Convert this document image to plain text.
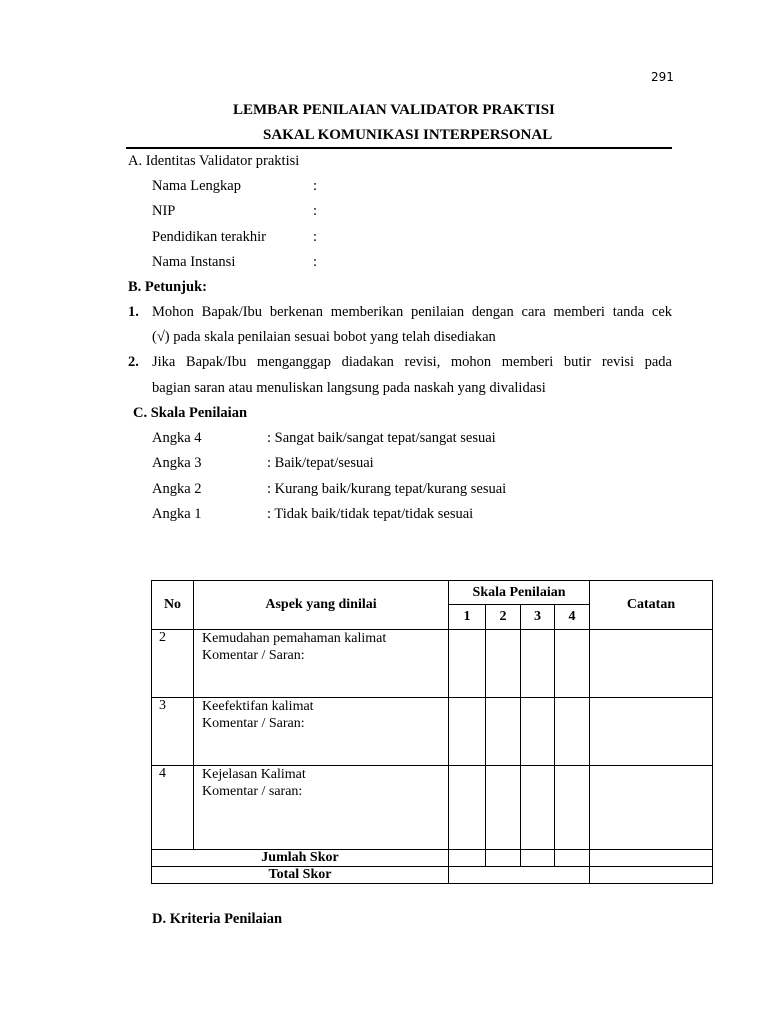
291
LEMBAR PENILAIAN VALIDATOR PRAKTISI
SAKAL KOMUNIKASI INTERPERSONAL
A. Identitas Validator praktisi
Nama Lengkap	:
NIP	:
Pendidikan terakhir	:
Nama Instansi	:
B. Petunjuk:
1. Mohon Bapak/Ibu berkenan memberikan penilaian dengan cara memberi tanda cek
(√) pada skala penilaian sesuai bobot yang telah disediakan
2. Jika Bapak/Ibu menganggap diadakan revisi, mohon memberi butir revisi pada
bagian saran atau menuliskan langsung pada naskah yang divalidasi
C. Skala Penilaian
Angka 4	: Sangat baik/sangat tepat/sangat sesuai
Angka 3	: Baik/tepat/sesuai
Angka 2	: Kurang baik/kurang tepat/kurang sesuai
Angka 1	: Tidak baik/tidak tepat/tidak sesuai
No	Aspek yang dinilai	Skala Penilaian				Catatan
		1	2	3	4	
2	Kemudahan pemahaman kalimat
Komentar / Saran:					

3	Keefektifan kalimat
Komentar / Saran:					

4	Kejelasan Kalimat
Komentar / saran:					

Jumlah Skor						
Total Skor						
D. Kriteria Penilaian
